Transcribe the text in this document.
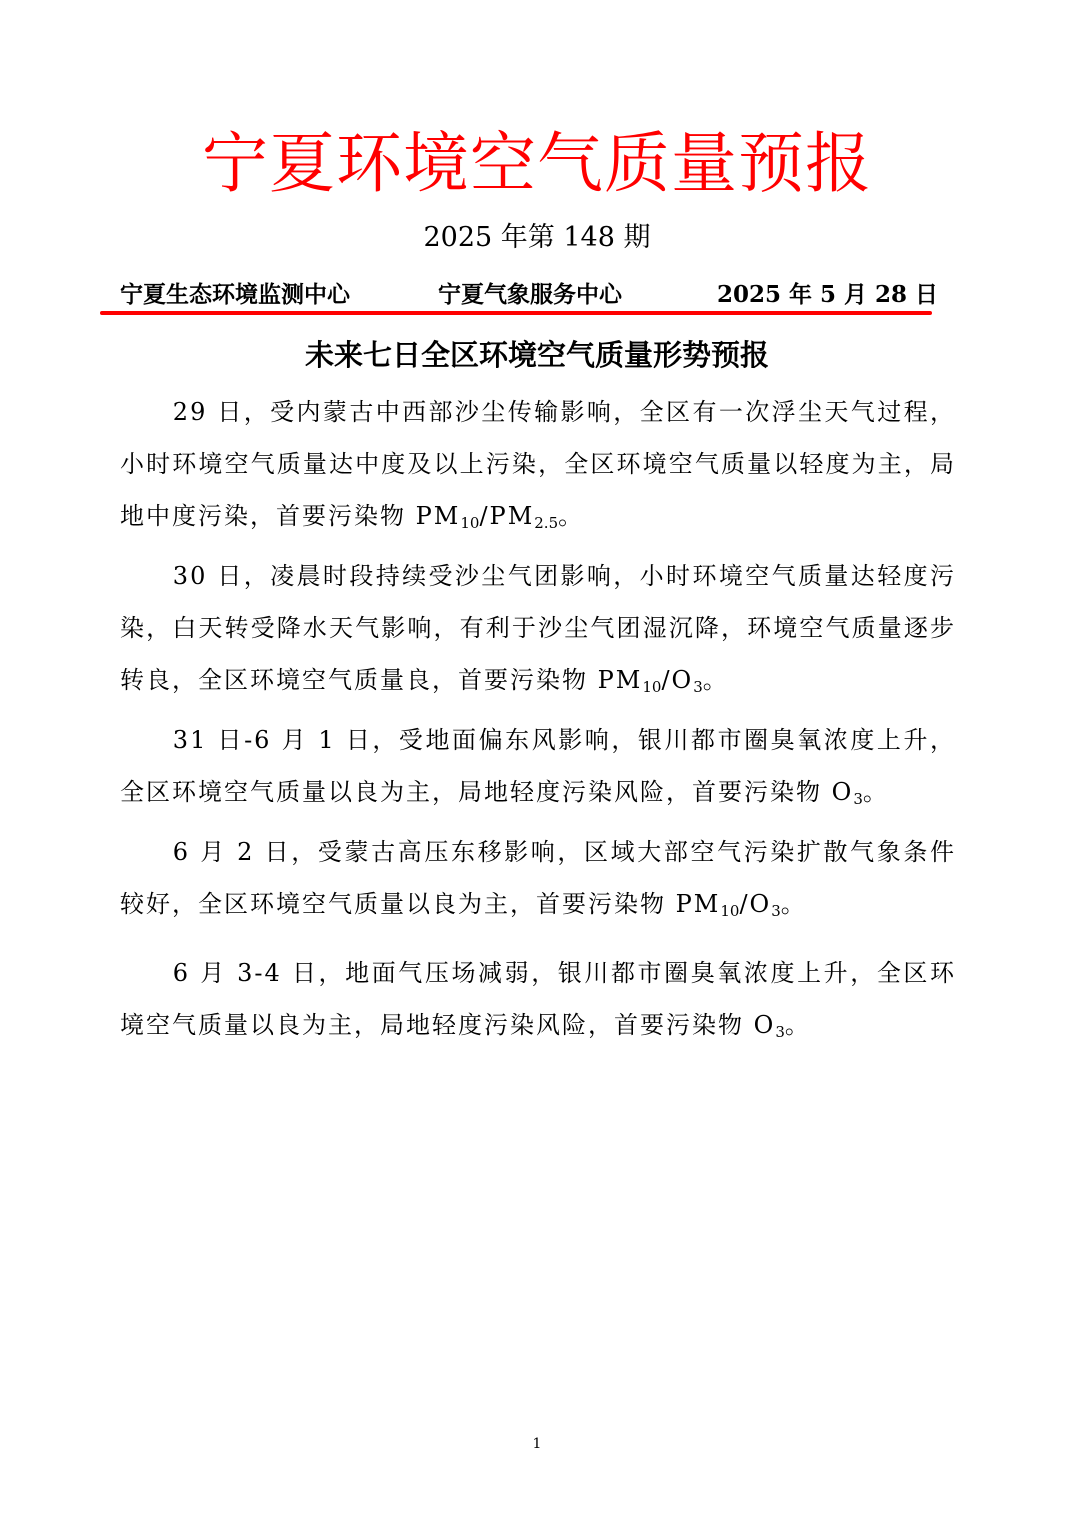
宁夏环境空气质量预报
2025 年第 148 期
宁夏生态环境监测中心	宁夏气象服务中心	2025 年 5 月 28 日
未来七日全区环境空气质量形势预报

29 日，受内蒙古中西部沙尘传输影响，全区有一次浮尘天气过程，小时环境空气质量达中度及以上污染，全区环境空气质量以轻度为主，局地中度污染，首要污染物 $PM_{10}/PM_{2.5}$。

30 日，凌晨时段持续受沙尘气团影响，小时环境空气质量达轻度污染，白天转受降水天气影响，有利于沙尘气团湿沉降，环境空气质量逐步转良，全区环境空气质量良，首要污染物 $PM_{10}/O_3$。

31 日-6 月 1 日，受地面偏东风影响，银川都市圈臭氧浓度上升，全区环境空气质量以良为主，局地轻度污染风险，首要污染物 $O_3$。

6 月 2 日，受蒙古高压东移影响，区域大部空气污染扩散气象条件较好，全区环境空气质量以良为主，首要污染物 $PM_{10}/O_3$。

6 月 3-4 日，地面气压场减弱，银川都市圈臭氧浓度上升，全区环境空气质量以良为主，局地轻度污染风险，首要污染物 $O_3$。

1
